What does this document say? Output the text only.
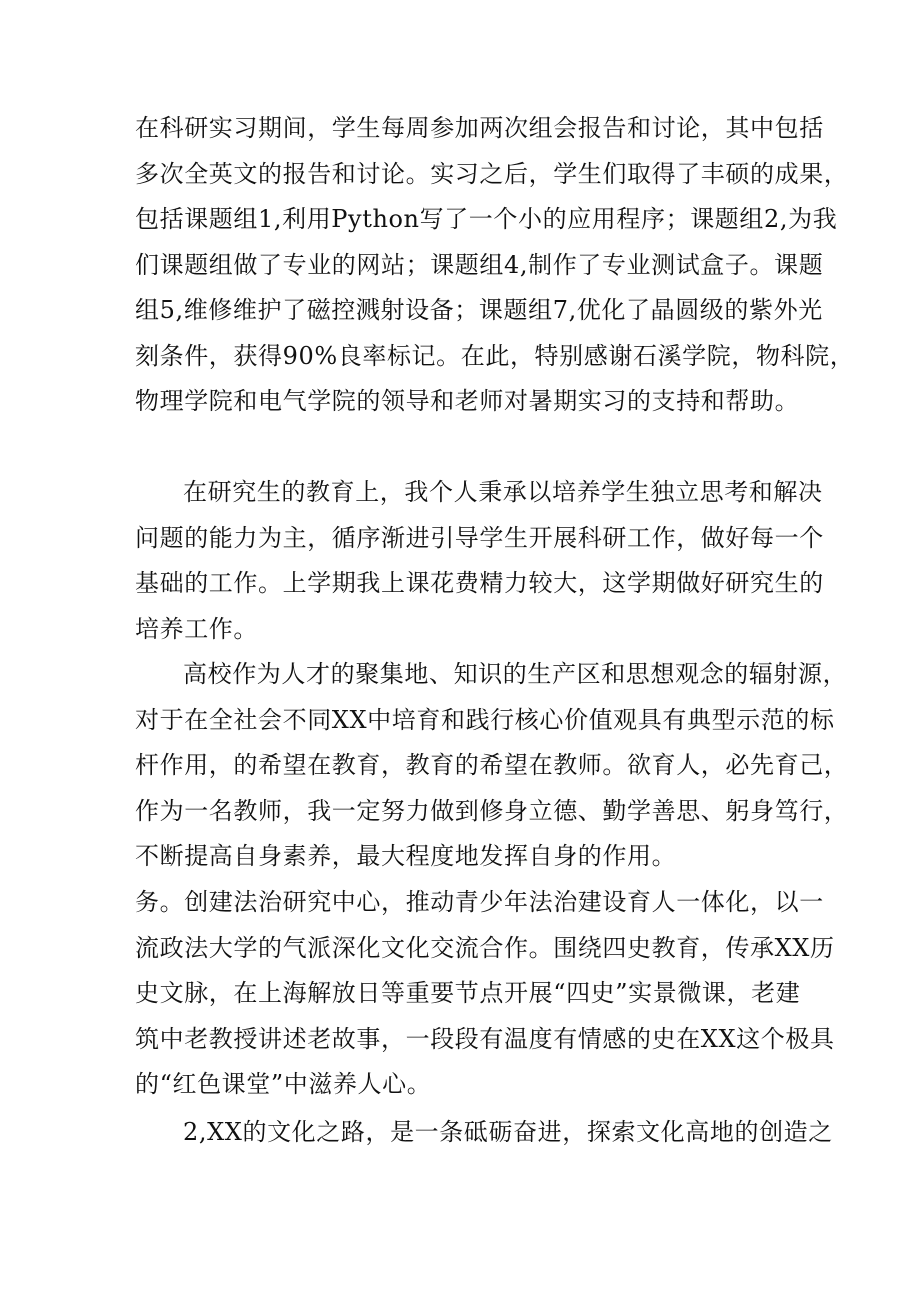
在科研实习期间，学生每周参加两次组会报告和讨论，其中包括
多次全英文的报告和讨论。实习之后，学生们取得了丰硕的成果，
包括课题组1,利用Python写了一个小的应用程序；课题组2,为我
们课题组做了专业的网站；课题组4,制作了专业测试盒子。课题
组5,维修维护了磁控溅射设备；课题组7,优化了晶圆级的紫外光
刻条件，获得90%良率标记。在此，特别感谢石溪学院，物科院，
物理学院和电气学院的领导和老师对暑期实习的支持和帮助。
在研究生的教育上，我个人秉承以培养学生独立思考和解决
问题的能力为主，循序渐进引导学生开展科研工作，做好每一个
基础的工作。上学期我上课花费精力较大，这学期做好研究生的
培养工作。
高校作为人才的聚集地、知识的生产区和思想观念的辐射源，
对于在全社会不同XX中培育和践行核心价值观具有典型示范的标
杆作用，的希望在教育，教育的希望在教师。欲育人，必先育己，
作为一名教师，我一定努力做到修身立德、勤学善思、躬身笃行，
不断提高自身素养，最大程度地发挥自身的作用。
务。创建法治研究中心，推动青少年法治建设育人一体化，以一
流政法大学的气派深化文化交流合作。围绕四史教育，传承XX历
史文脉，在上海解放日等重要节点开展“四史”实景微课，老建
筑中老教授讲述老故事，一段段有温度有情感的史在XX这个极具
的“红色课堂”中滋养人心。
2,XX的文化之路，是一条砥砺奋进，探索文化高地的创造之
